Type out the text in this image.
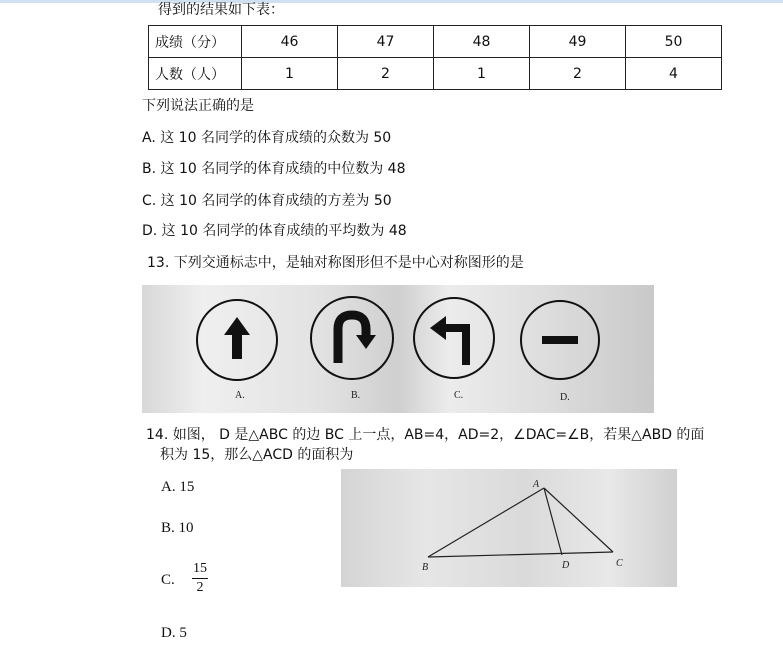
得到的结果如下表：
成绩（分）	46	47	48	49	50
人数（人）	1	2	1	2	4
下列说法正确的是
A. 这 10 名同学的体育成绩的众数为 50
B. 这 10 名同学的体育成绩的中位数为 48
C. 这 10 名同学的体育成绩的方差为 50
D. 这 10 名同学的体育成绩的平均数为 48
13. 下列交通标志中，是轴对称图形但不是中心对称图形的是
A.	B.	C.	D.
14. 如图， D 是△ABC 的边 BC 上一点，AB=4，AD=2，∠DAC=∠B，若果△ABD 的面
积为 15，那么△ACD 的面积为
A. 15
B. 10
C.
15
2
D. 5
A
B	D	C
